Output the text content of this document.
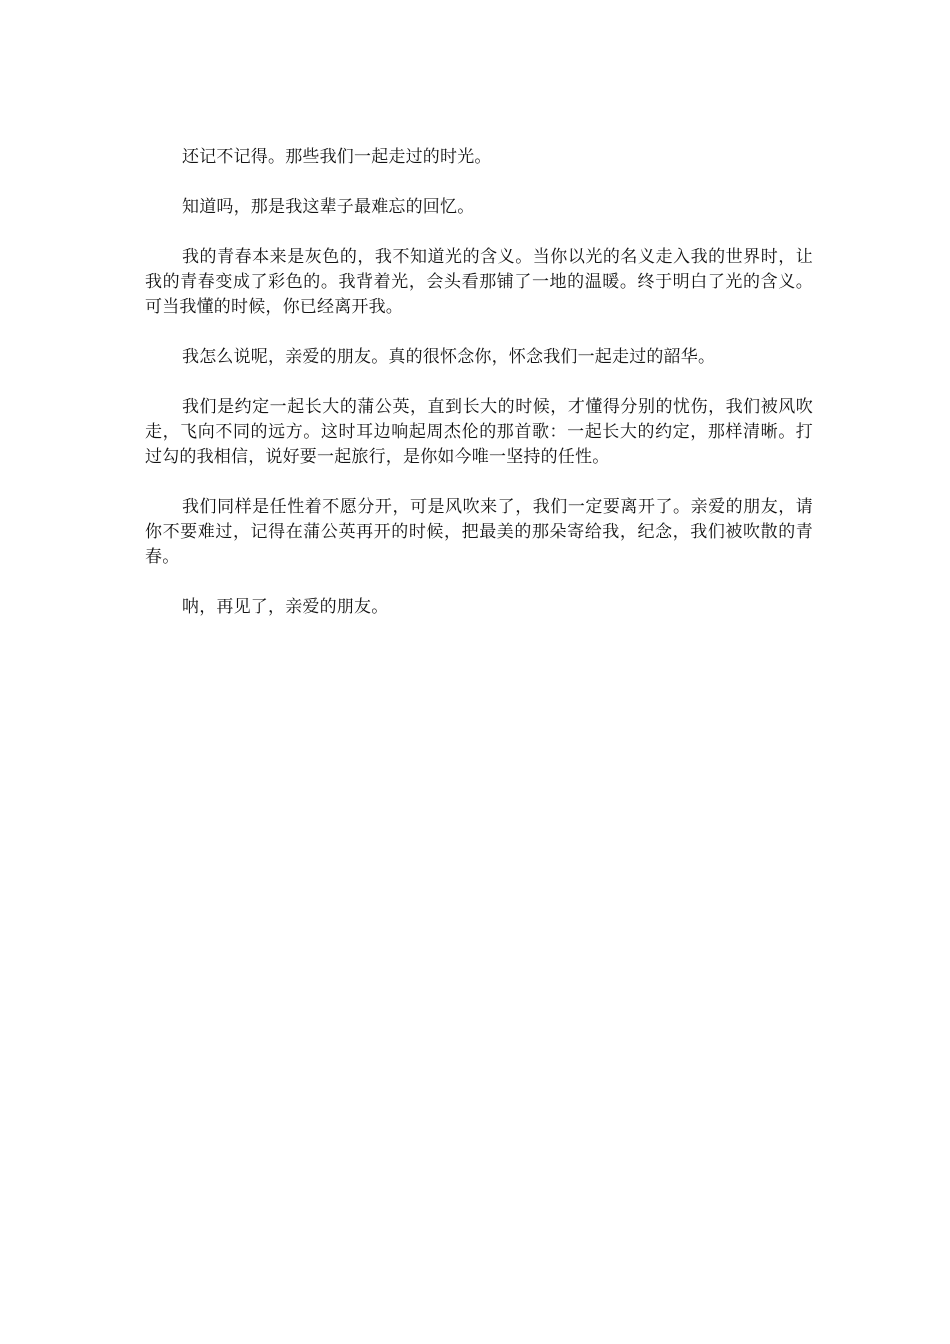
还记不记得。那些我们一起走过的时光。

知道吗，那是我这辈子最难忘的回忆。

我的青春本来是灰色的，我不知道光的含义。当你以光的名义走入我的世界时，让我的青春变成了彩色的。我背着光，会头看那铺了一地的温暖。终于明白了光的含义。可当我懂的时候，你已经离开我。

我怎么说呢，亲爱的朋友。真的很怀念你，怀念我们一起走过的韶华。

我们是约定一起长大的蒲公英，直到长大的时候，才懂得分别的忧伤，我们被风吹走，飞向不同的远方。这时耳边响起周杰伦的那首歌：一起长大的约定，那样清晰。打过勾的我相信，说好要一起旅行，是你如今唯一坚持的任性。

我们同样是任性着不愿分开，可是风吹来了，我们一定要离开了。亲爱的朋友，请你不要难过，记得在蒲公英再开的时候，把最美的那朵寄给我，纪念，我们被吹散的青春。

呐，再见了，亲爱的朋友。
